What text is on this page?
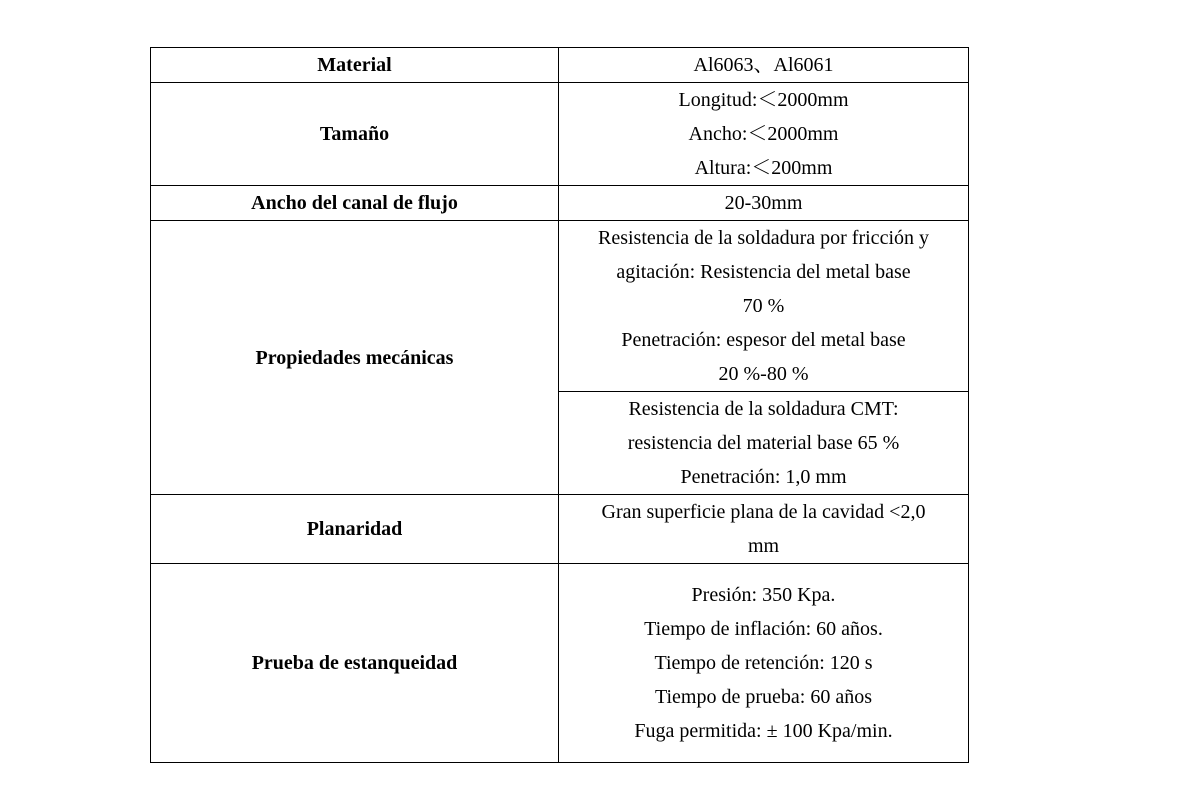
Material	Al6063、Al6061
Tamaño	Longitud:＜2000mm
Ancho:＜2000mm
Altura:＜200mm

Ancho del canal de flujo	20-30mm
Propiedades mecánicas	Resistencia de la soldadura por fricción y
agitación: Resistencia del metal base
70 %
Penetración: espesor del metal base
20 %-80 %

	Resistencia de la soldadura CMT:
resistencia del material base 65 %
Penetración: 1,0 mm

Planaridad	Gran superficie plana de la cavidad <2,0
mm

Prueba de estanqueidad	Presión: 350 Kpa.
Tiempo de inflación: 60 años.
Tiempo de retención: 120 s
Tiempo de prueba: 60 años
Fuga permitida: ± 100 Kpa/min.
